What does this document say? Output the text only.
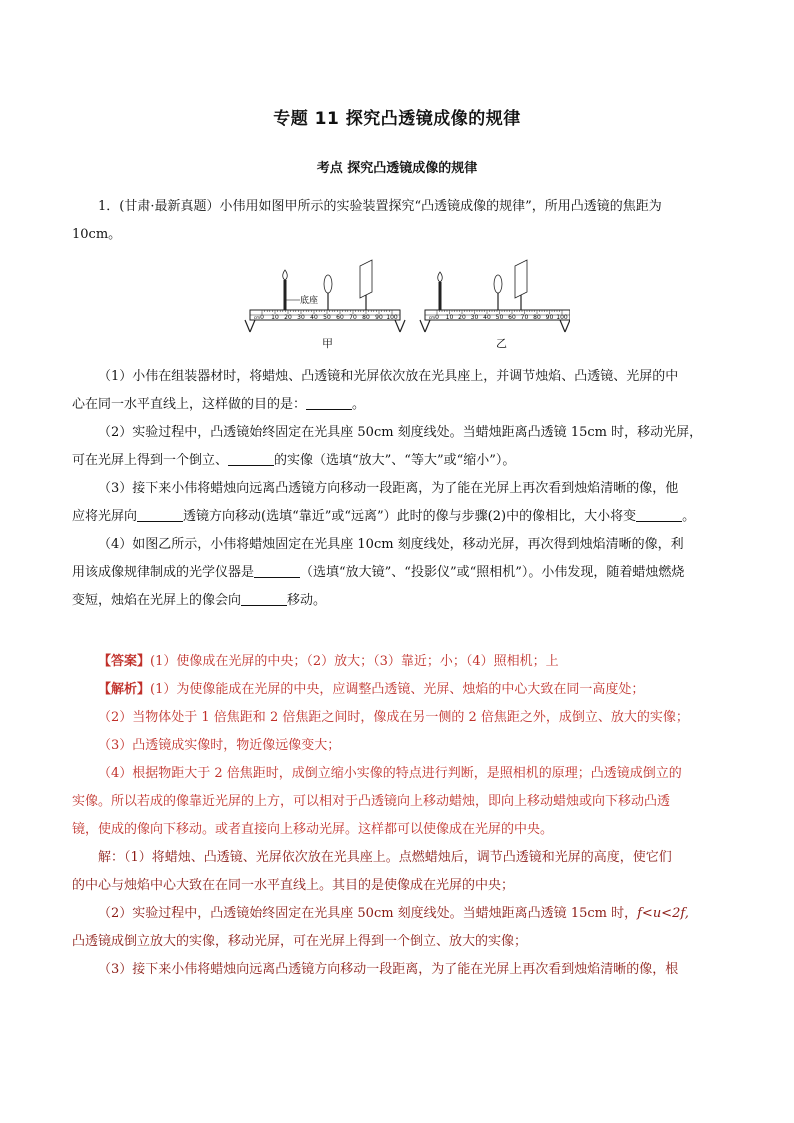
专题 11 探究凸透镜成像的规律
考点 探究凸透镜成像的规律

1．(甘肃·最新真题）小伟用如图甲所示的实验装置探究“凸透镜成像的规律”，所用凸透镜的焦距为

10cm。

底座
0 10 20 30 40 50 60 70 80 90 100
cm	0 10 20 30 40 50 60 70 80 90 100
cm
甲	乙

（1）小伟在组装器材时，将蜡烛、凸透镜和光屏依次放在光具座上，并调节烛焰、凸透镜、光屏的中

心在同一水平直线上，这样做的目的是：	。

（2）实验过程中，凸透镜始终固定在光具座 50cm 刻度线处。当蜡烛距离凸透镜 15cm 时，移动光屏，

可在光屏上得到一个倒立、	的实像（选填“放大”、“等大”或“缩小”）。

（3）接下来小伟将蜡烛向远离凸透镜方向移动一段距离，为了能在光屏上再次看到烛焰清晰的像，他

应将光屏向	透镜方向移动(选填“靠近”或“远离”）此时的像与步骤(2)中的像相比，大小将变	。

（4）如图乙所示，小伟将蜡烛固定在光具座 10cm 刻度线处，移动光屏，再次得到烛焰清晰的像，利

用该成像规律制成的光学仪器是	（选填“放大镜”、“投影仪”或“照相机”）。小伟发现，随着蜡烛燃烧

变短，烛焰在光屏上的像会向	移动。

【答案】(1）使像成在光屏的中央；（2）放大；（3）靠近；小；（4）照相机；上

【解析】(1）为使像能成在光屏的中央，应调整凸透镜、光屏、烛焰的中心大致在同一高度处；

（2）当物体处于 1 倍焦距和 2 倍焦距之间时，像成在另一侧的 2 倍焦距之外，成倒立、放大的实像；

（3）凸透镜成实像时，物近像远像变大；

（4）根据物距大于 2 倍焦距时，成倒立缩小实像的特点进行判断，是照相机的原理；凸透镜成倒立的

实像。所以若成的像靠近光屏的上方，可以相对于凸透镜向上移动蜡烛，即向上移动蜡烛或向下移动凸透

镜，使成的像向下移动。或者直接向上移动光屏。这样都可以使像成在光屏的中央。

解：（1）将蜡烛、凸透镜、光屏依次放在光具座上。点燃蜡烛后，调节凸透镜和光屏的高度，使它们

的中心与烛焰中心大致在在同一水平直线上。其目的是使像成在光屏的中央；

（2）实验过程中，凸透镜始终固定在光具座 50cm 刻度线处。当蜡烛距离凸透镜 15cm 时，f<u<2f,

凸透镜成倒立放大的实像，移动光屏，可在光屏上得到一个倒立、放大的实像；

（3）接下来小伟将蜡烛向远离凸透镜方向移动一段距离，为了能在光屏上再次看到烛焰清晰的像，根
